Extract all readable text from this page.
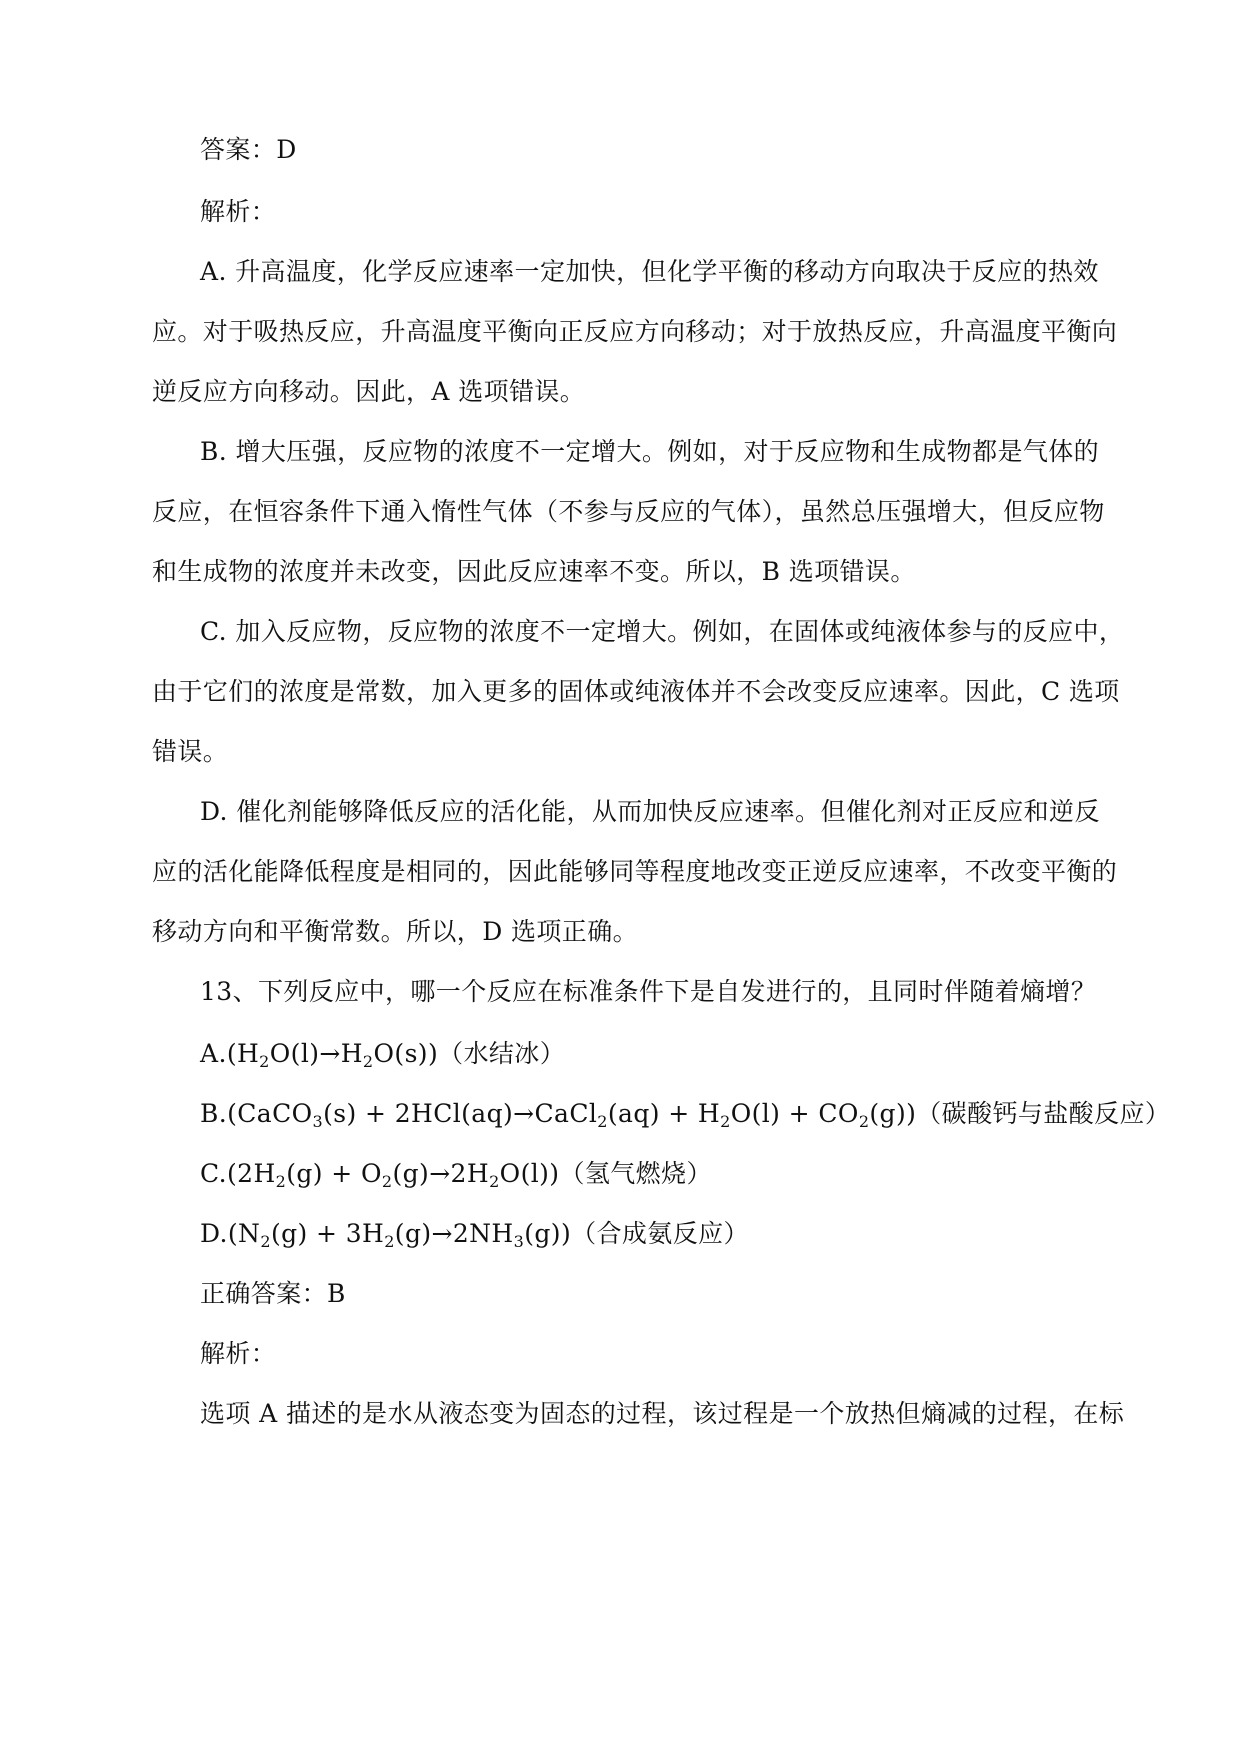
答案：D
解析：
A. 升高温度，化学反应速率一定加快，但化学平衡的移动方向取决于反应的热效
应。对于吸热反应，升高温度平衡向正反应方向移动；对于放热反应，升高温度平衡向
逆反应方向移动。因此，A 选项错误。
B. 增大压强，反应物的浓度不一定增大。例如，对于反应物和生成物都是气体的
反应，在恒容条件下通入惰性气体（不参与反应的气体），虽然总压强增大，但反应物
和生成物的浓度并未改变，因此反应速率不变。所以，B 选项错误。
C. 加入反应物，反应物的浓度不一定增大。例如，在固体或纯液体参与的反应中，
由于它们的浓度是常数，加入更多的固体或纯液体并不会改变反应速率。因此，C 选项
错误。
D. 催化剂能够降低反应的活化能，从而加快反应速率。但催化剂对正反应和逆反
应的活化能降低程度是相同的，因此能够同等程度地改变正逆反应速率，不改变平衡的
移动方向和平衡常数。所以，D 选项正确。
13、下列反应中，哪一个反应在标准条件下是自发进行的，且同时伴随着熵增？
$A.(H_2O(l)\to H_2O(s))$（水结冰）
B.(CaCO$_3$(s) + 2HCl(aq)→CaCl$_2$(aq) + $H_2O(l) + CO_2(g)$)（碳酸钙与盐酸反应）
$C.(2H_2(g) + O_2(g)\to 2H_2O(l))$（氢气燃烧）
$D.(N_2(g) + 3H_2(g)\to 2NH_3(g))$（合成氨反应）
正确答案：B
解析：
选项 A 描述的是水从液态变为固态的过程，该过程是一个放热但熵减的过程，在标
